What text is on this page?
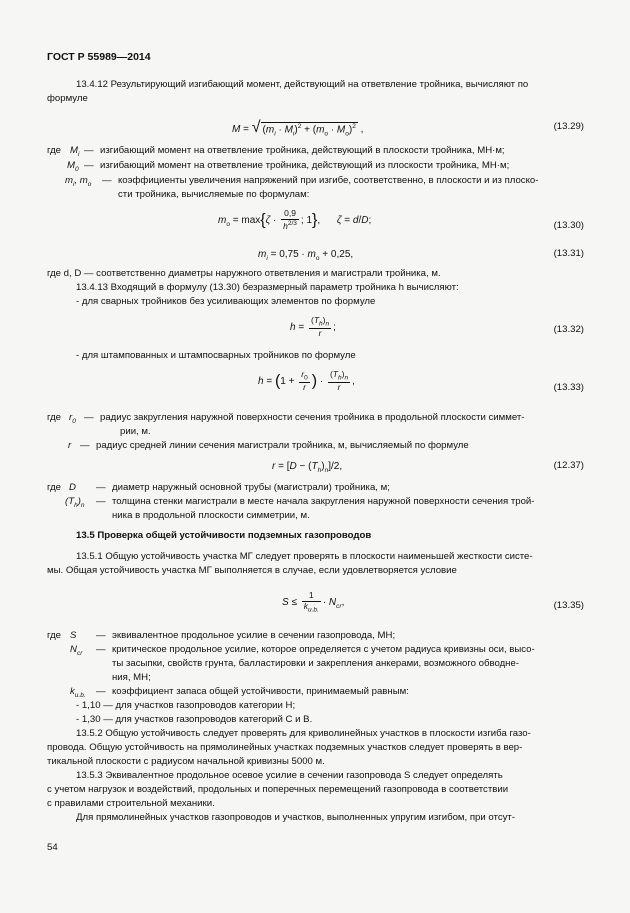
ГОСТ Р 55989—2014
13.4.12 Результирующий изгибающий момент, действующий на ответвление тройника, вычисляют по
формуле
M = √ $(m_i \cdot M_i)^2 + (m_o \cdot M_o)^2$ ,	(13.29)
где $M_i$ — изгибающий момент на ответвление тройника, действующий в плоскости тройника, МН·м;
$M_0$ — изгибающий момент на ответвление тройника, действующий из плоскости тройника, МН·м;
$m_i$, $m_o$ — коэффициенты увеличения напряжений при изгибе, соответственно, в плоскости и из плоско-
сти тройника, вычисляемые по формулам:
$m_o = \max\{\zeta \cdot \frac{0,9}{h^{2/3}}$ ; 1},      ζ = d/D;	(13.30)
$m_i = 0,75 \cdot m_o + 0,25$,	(13.31)
где d, D — соответственно диаметры наружного ответвления и магистрали тройника, м.
13.4.13 Входящий в формулу (13.30) безразмерный параметр тройника h вычисляют:
- для сварных тройников без усиливающих элементов по формуле
$h = \frac{(T_h)_n}{r}$ ;	(13.32)
- для штампованных и штампосварных тройников по формуле
$h = (1 + \frac{r_0}{r}$ ) · $\frac{(T_h)_n}{r}$ ,
(13.33)
где $r_0$ — радиус закругления наружной поверхности сечения тройника в продольной плоскости симмет-
рии, м.
r — радиус средней линии сечения магистрали тройника, м, вычисляемый по формуле
$r = [D - (T_h)_n]/2$,	(12.37)
где D — диаметр наружный основной трубы (магистрали) тройника, м;
$(T_h)_n$ — толщина стенки магистрали в месте начала закругления наружной поверхности сечения трой-
ника в продольной плоскости симметрии, м.
13.5 Проверка общей устойчивости подземных газопроводов
13.5.1 Общую устойчивость участка МГ следует проверять в плоскости наименьшей жесткости систе-
мы. Общая устойчивость участка МГ выполняется в случае, если удовлетворяется условие
$S \le \frac{1}{k_{u.b.}} \cdot N_{cr}$,	(13.35)
где S — эквивалентное продольное усилие в сечении газопровода, МН;
$N_{cr}$ — критическое продольное усилие, которое определяется с учетом радиуса кривизны оси, высо-
ты засыпки, свойств грунта, балластировки и закрепления анкерами, возможного обводне-
ния, МН;
$k_{u.b.}$ — коэффициент запаса общей устойчивости, принимаемый равным:
- 1,10 — для участков газопроводов категории Н;
- 1,30 — для участков газопроводов категорий С и В.
13.5.2 Общую устойчивость следует проверять для криволинейных участков в плоскости изгиба газо-
провода. Общую устойчивость на прямолинейных участках подземных участков следует проверять в вер-
тикальной плоскости с радиусом начальной кривизны 5000 м.
13.5.3 Эквивалентное продольное осевое усилие в сечении газопровода S следует определять
с учетом нагрузок и воздействий, продольных и поперечных перемещений газопровода в соответствии
с правилами строительной механики.
Для прямолинейных участков газопроводов и участков, выполненных упругим изгибом, при отсут-
54
